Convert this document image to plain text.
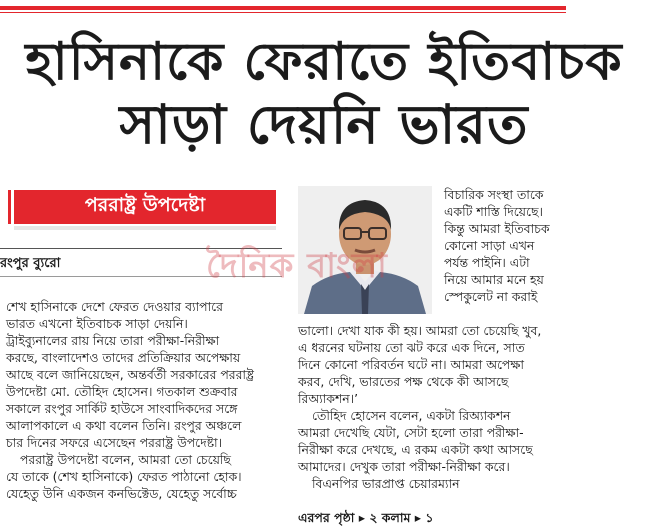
হাসিনাকে ফেরাতে ইতিবাচক
সাড়া দেয়নি ভারত
পররাষ্ট্র উপদেষ্টা
রংপুর ব্যুরো	দৈনিক বাংলা
শেখ হাসিনাকে দেশে ফেরত দেওয়ার ব্যাপারে
ভারত এখনো ইতিবাচক সাড়া দেয়নি।
ট্রাইব্যুনালের রায় নিয়ে তারা পরীক্ষা-নিরীক্ষা
করছে, বাংলাদেশও তাদের প্রতিক্রিয়ার অপেক্ষায়
আছে বলে জানিয়েছেন, অন্তর্বর্তী সরকারের পররাষ্ট্র
উপদেষ্টা মো. তৌহিদ হোসেন। গতকাল শুক্রবার
সকালে রংপুর সার্কিট হাউসে সাংবাদিকদের সঙ্গে
আলাপকালে এ কথা বলেন তিনি। রংপুর অঞ্চলে
চার দিনের সফরে এসেছেন পররাষ্ট্র উপদেষ্টা।
পররাষ্ট্র উপদেষ্টা বলেন, আমরা তো চেয়েছি
যে তাকে (শেখ হাসিনাকে) ফেরত পাঠানো হোক।
যেহেতু উনি একজন কনভিক্টেড, যেহেতু সর্বোচ্চ
বিচারিক সংস্থা তাকে
একটি শাস্তি দিয়েছে।
কিন্তু আমরা ইতিবাচক
কোনো সাড়া এখন
পর্যন্ত পাইনি। এটা
নিয়ে আমার মনে হয়
স্পেকুলেট না করাই
ভালো। দেখা যাক কী হয়। আমরা তো চেয়েছি খুব,
এ ধরনের ঘটনায় তো ঝট করে এক দিনে, সাত
দিনে কোনো পরিবর্তন ঘটে না। আমরা অপেক্ষা
করব, দেখি, ভারতের পক্ষ থেকে কী আসছে
রিঅ্যাকশন।’
তৌহিদ হোসেন বলেন, একটা রিঅ্যাকশন
আমরা দেখেছি যেটা, সেটা হলো তারা পরীক্ষা-
নিরীক্ষা করে দেখছে, এ রকম একটা কথা আসছে
আমাদের। দেখুক তারা পরীক্ষা-নিরীক্ষা করে।
বিএনপির ভারপ্রাপ্ত চেয়ারম্যান
এরপর পৃষ্ঠা ▸ ২ কলাম ▸ ১
